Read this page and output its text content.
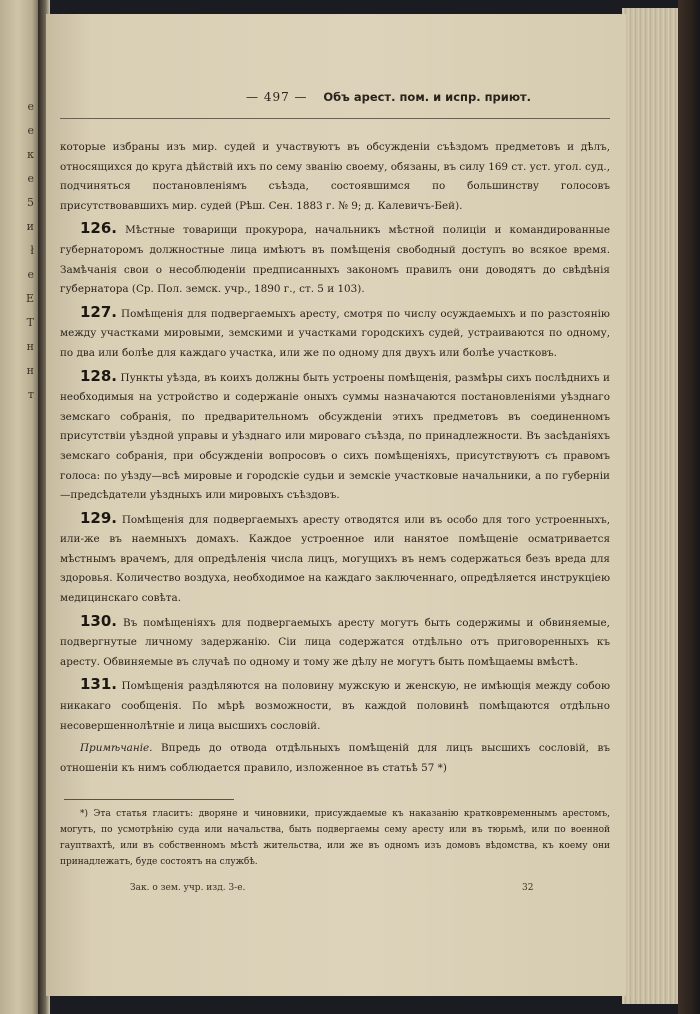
e
e
к
е
5
и
ł
e
Е
Т
н
н
т
— 497 — Объ арест. пом. и испр. приют.

которые избраны изъ мир. судей и участвуютъ въ обсужденіи съѣздомъ предметовъ и дѣлъ, относящихся до круга дѣйствій ихъ по сему званію своему, обязаны, въ силу 169 ст. уст. угол. суд., подчиняться постановленіямъ съѣзда, состоявшимся по большинству голосовъ присутствовавшихъ мир. судей (Рѣш. Сен. 1883 г. № 9; д. Калевичъ-Бей).

126. Мѣстные товарищи прокурора, начальникъ мѣстной полиціи и командированные губернаторомъ должностные лица имѣютъ въ помѣщенія свободный доступъ во всякое время. Замѣчанія свои о несоблюденіи предписанныхъ закономъ правилъ они доводятъ до свѣдѣнія губернатора (Ср. Пол. земск. учр., 1890 г., ст. 5 и 103).

127. Помѣщенія для подвергаемыхъ аресту, смотря по числу осуждаемыхъ и по разстоянію между участками мировыми, земскими и участками городскихъ судей, устраиваются по одному, по два или болѣе для каждаго участка, или же по одному для двухъ или болѣе участковъ.

128. Пункты уѣзда, въ коихъ должны быть устроены помѣщенія, размѣры сихъ послѣднихъ и необходимыя на устройство и содержаніе оныхъ суммы назначаются постановленіями уѣзднаго земскаго собранія, по предварительномъ обсужденіи этихъ предметовъ въ соединенномъ присутствіи уѣздной управы и уѣзднаго или мироваго съѣзда, по принадлежности. Въ засѣданіяхъ земскаго собранія, при обсужденіи вопросовъ о сихъ помѣщеніяхъ, присутствуютъ съ правомъ голоса: по уѣзду—всѣ мировые и городскіе судьи и земскіе участковые начальники, а по губерніи—предсѣдатели уѣздныхъ или мировыхъ съѣздовъ.

129. Помѣщенія для подвергаемыхъ аресту отводятся или въ особо для того устроенныхъ, или-же въ наемныхъ домахъ. Каждое устроенное или нанятое помѣщеніе осматривается мѣстнымъ врачемъ, для опредѣленія числа лицъ, могущихъ въ немъ содержаться безъ вреда для здоровья. Количество воздуха, необходимое на каждаго заключеннаго, опредѣляется инструкціею медицинскаго совѣта.

130. Въ помѣщеніяхъ для подвергаемыхъ аресту могутъ быть содержимы и обвиняемые, подвергнутые личному задержанію. Сіи лица содержатся отдѣльно отъ приговоренныхъ къ аресту. Обвиняемые въ случаѣ по одному и тому же дѣлу не могутъ быть помѣщаемы вмѣстѣ.

131. Помѣщенія раздѣляются на половину мужскую и женскую, не имѣющія между собою никакаго сообщенія. По мѣрѣ возможности, въ каждой половинѣ помѣщаются отдѣльно несовершеннолѣтніе и лица высшихъ сословій.

Примѣчаніе. Впредь до отвода отдѣльныхъ помѣщеній для лицъ высшихъ сословій, въ отношеніи къ нимъ соблюдается правило, изложенное въ статьѣ 57 *)

*) Эта статья гласитъ: дворяне и чиновники, присуждаемые къ наказанію кратковременнымъ арестомъ, могутъ, по усмотрѣнію суда или начальства, быть подвергаемы сему аресту или въ тюрьмѣ, или по военной гауптвахтѣ, или въ собственномъ мѣстѣ жительства, или же въ одномъ изъ домовъ вѣдомства, къ коему они принадлежатъ, буде состоятъ на службѣ.

Зак. о зем. учр. изд. 3-е.	32
